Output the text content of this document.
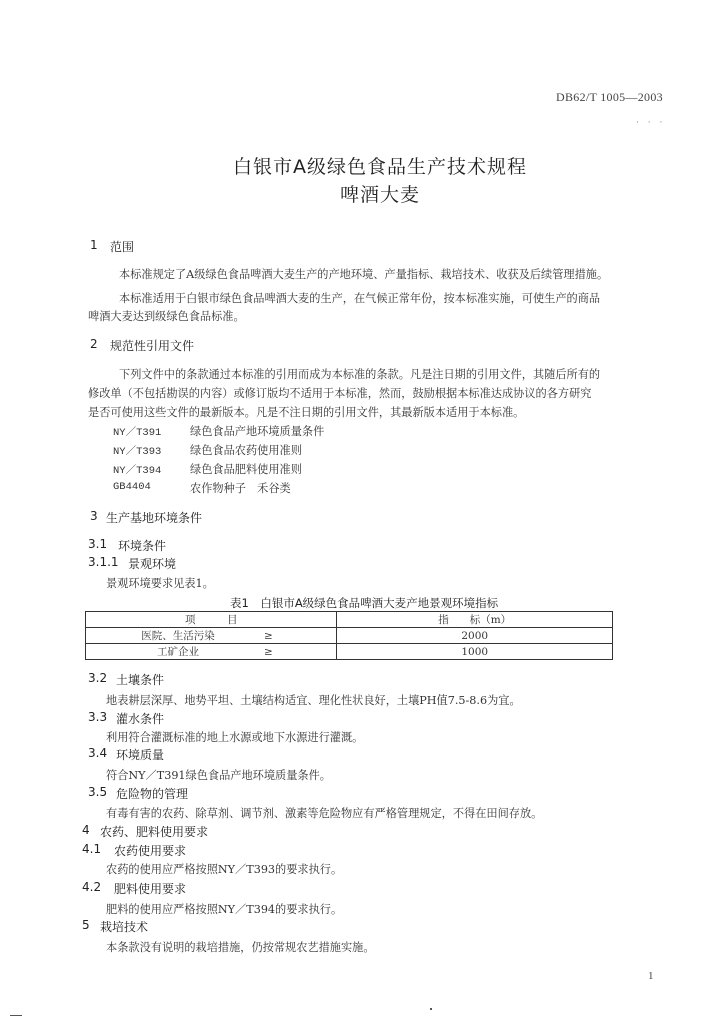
DB62/T 1005—2003
· · ·
白银市A级绿色食品生产技术规程
啤酒大麦
1 范围
本标准规定了A级绿色食品啤酒大麦生产的产地环境、产量指标、栽培技术、收获及后续管理措施。
本标准适用于白银市绿色食品啤酒大麦的生产，在气候正常年份，按本标准实施，可使生产的商品
啤酒大麦达到级绿色食品标准。
2 规范性引用文件
下列文件中的条款通过本标准的引用而成为本标准的条款。凡是注日期的引用文件，其随后所有的
修改单（不包括勘误的内容）或修订版均不适用于本标准，然而，鼓励根据本标准达成协议的各方研究
是否可使用这些文件的最新版本。凡是不注日期的引用文件，其最新版本适用于本标准。
NY／T391	绿色食品产地环境质量条件
NY／T393	绿色食品农药使用准则
NY／T394	绿色食品肥料使用准则
GB4404	农作物种子　禾谷类
3 生产基地环境条件
3.1 环境条件
3.1.1 景观环境
景观环境要求见表1。
表1　白银市A级绿色食品啤酒大麦产地景观环境指标
项　　　目	指　　标（m）
医院、生活污染 ≥	2000
工矿企业 ≥	1000
3.2 土壤条件
地表耕层深厚、地势平坦、土壤结构适宜、理化性状良好，土壤PH值7.5-8.6为宜。
3.3 灌水条件
利用符合灌溉标准的地上水源或地下水源进行灌溉。
3.4 环境质量
符合NY／T391绿色食品产地环境质量条件。
3.5 危险物的管理
有毒有害的农药、除草剂、调节剂、激素等危险物应有严格管理规定，不得在田间存放。
4 农药、肥料使用要求
4.1 农药使用要求
农药的使用应严格按照NY／T393的要求执行。
4.2 肥料使用要求
肥料的使用应严格按照NY／T394的要求执行。
5 栽培技术
本条款没有说明的栽培措施，仍按常规农艺措施实施。
1
